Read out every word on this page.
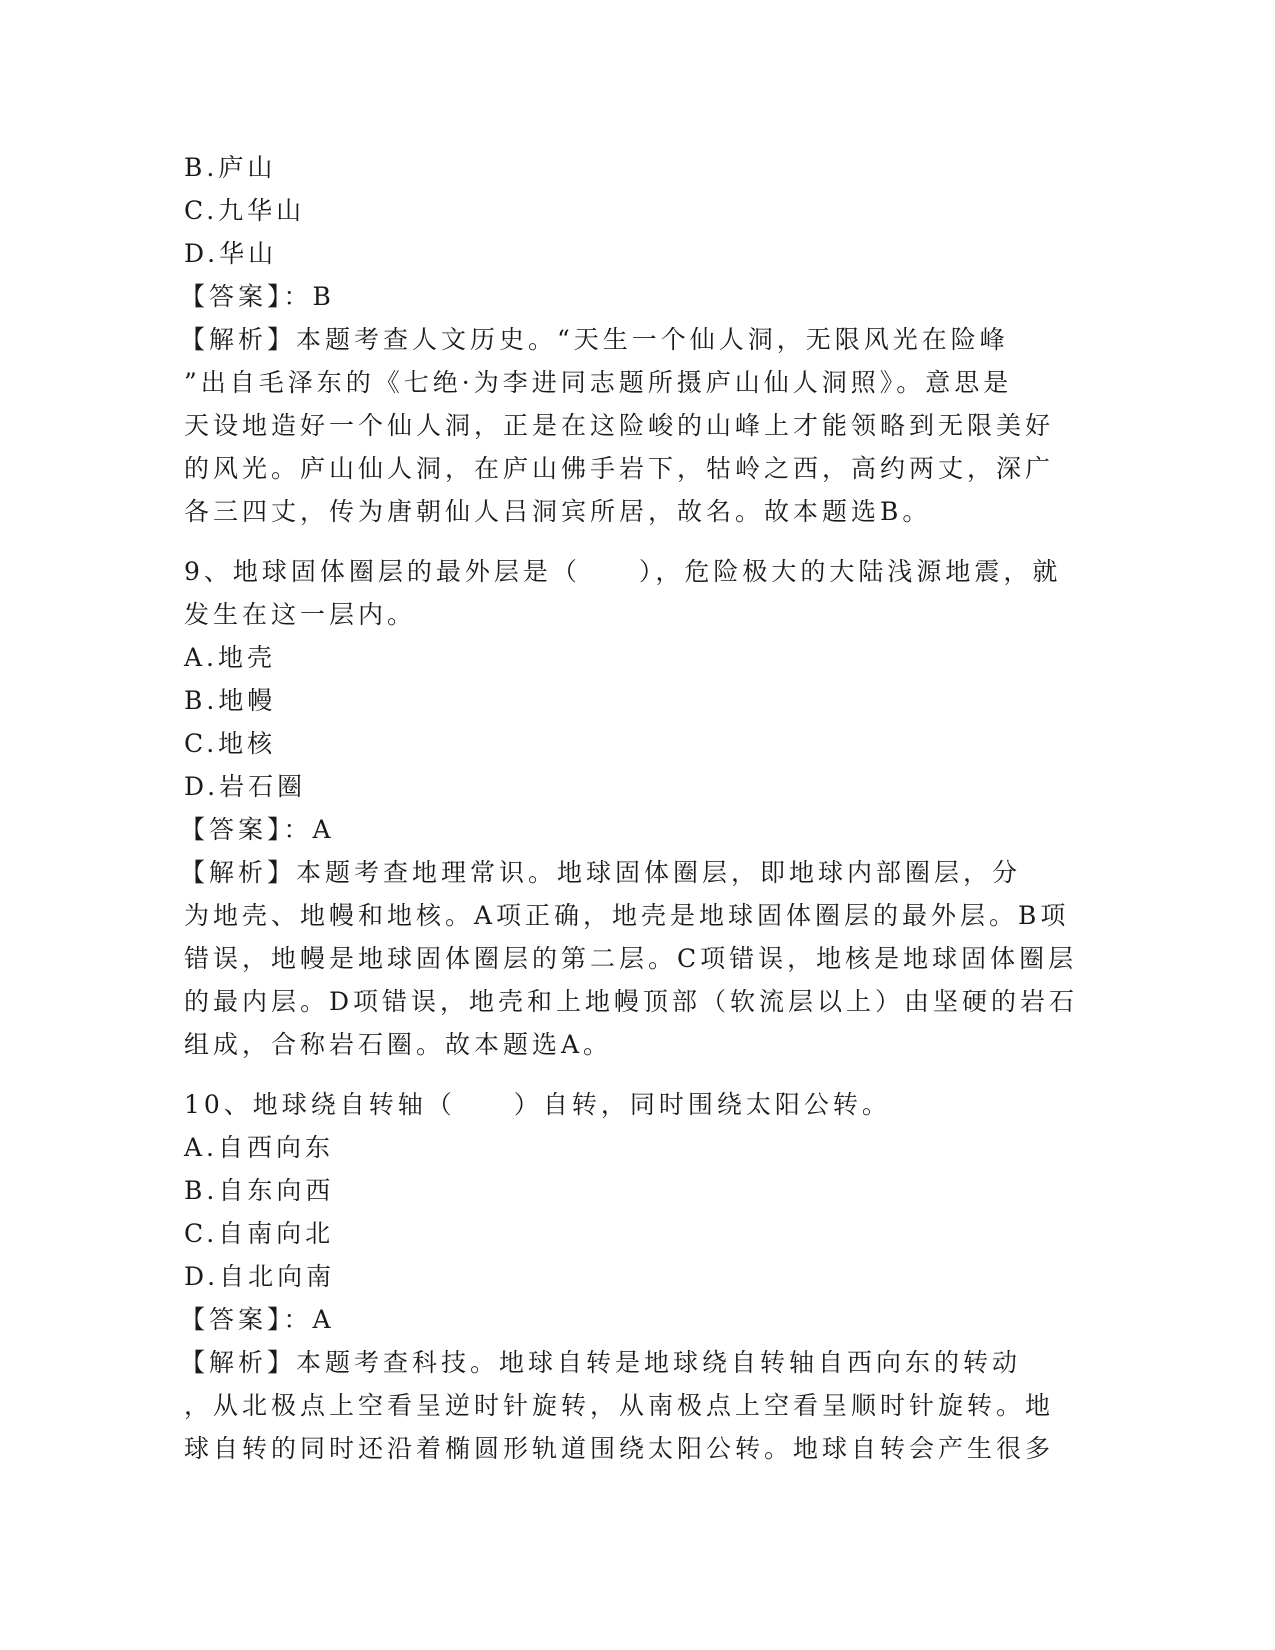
B.庐山
C.九华山
D.华山
【答案】：B
【解析】本题考查人文历史。“天生一个仙人洞，无限风光在险峰
”出自毛泽东的《七绝·为李进同志题所摄庐山仙人洞照》。意思是
天设地造好一个仙人洞，正是在这险峻的山峰上才能领略到无限美好
的风光。庐山仙人洞，在庐山佛手岩下，牯岭之西，高约两丈，深广
各三四丈，传为唐朝仙人吕洞宾所居，故名。故本题选B。
9、地球固体圈层的最外层是（　　），危险极大的大陆浅源地震，就
发生在这一层内。
A.地壳
B.地幔
C.地核
D.岩石圈
【答案】：A
【解析】本题考查地理常识。地球固体圈层，即地球内部圈层，分
为地壳、地幔和地核。A项正确，地壳是地球固体圈层的最外层。B项
错误，地幔是地球固体圈层的第二层。C项错误，地核是地球固体圈层
的最内层。D项错误，地壳和上地幔顶部（软流层以上）由坚硬的岩石
组成，合称岩石圈。故本题选A。
10、地球绕自转轴（　　）自转，同时围绕太阳公转。
A.自西向东
B.自东向西
C.自南向北
D.自北向南
【答案】：A
【解析】本题考查科技。地球自转是地球绕自转轴自西向东的转动
，从北极点上空看呈逆时针旋转，从南极点上空看呈顺时针旋转。地
球自转的同时还沿着椭圆形轨道围绕太阳公转。地球自转会产生很多
